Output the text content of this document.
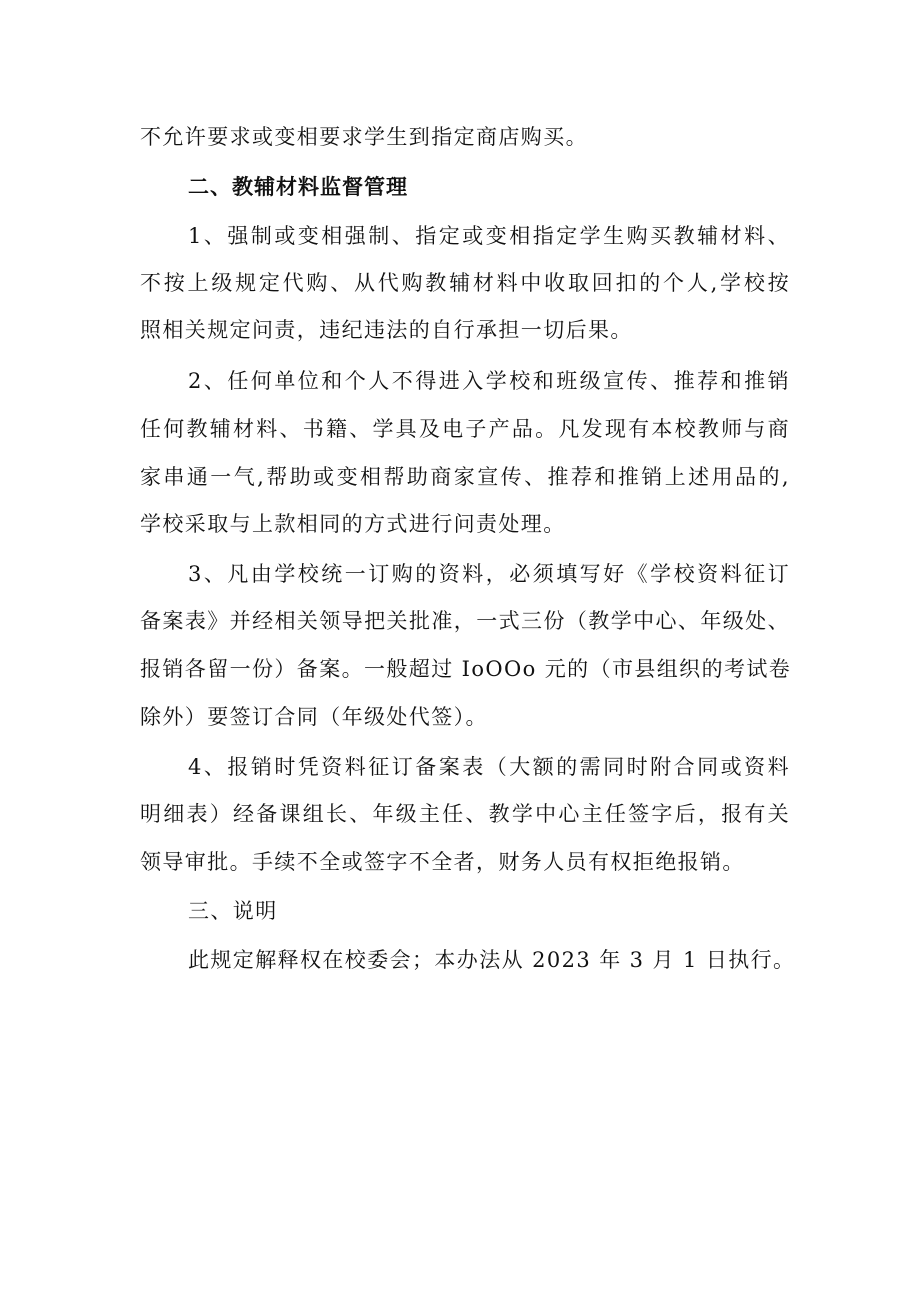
不允许要求或变相要求学生到指定商店购买。
二、教辅材料监督管理
1、强制或变相强制、指定或变相指定学生购买教辅材料、
不按上级规定代购、从代购教辅材料中收取回扣的个人,学校按
照相关规定问责，违纪违法的自行承担一切后果。
2、任何单位和个人不得进入学校和班级宣传、推荐和推销
任何教辅材料、书籍、学具及电子产品。凡发现有本校教师与商
家串通一气,帮助或变相帮助商家宣传、推荐和推销上述用品的,
学校采取与上款相同的方式进行问责处理。
3、凡由学校统一订购的资料，必须填写好《学校资料征订
备案表》并经相关领导把关批准，一式三份（教学中心、年级处、
报销各留一份）备案。一般超过 IoOOo 元的（市县组织的考试卷
除外）要签订合同（年级处代签）。
4、报销时凭资料征订备案表（大额的需同时附合同或资料
明细表）经备课组长、年级主任、教学中心主任签字后，报有关
领导审批。手续不全或签字不全者，财务人员有权拒绝报销。
三、说明
此规定解释权在校委会；本办法从 2023 年 3 月 1 日执行。
